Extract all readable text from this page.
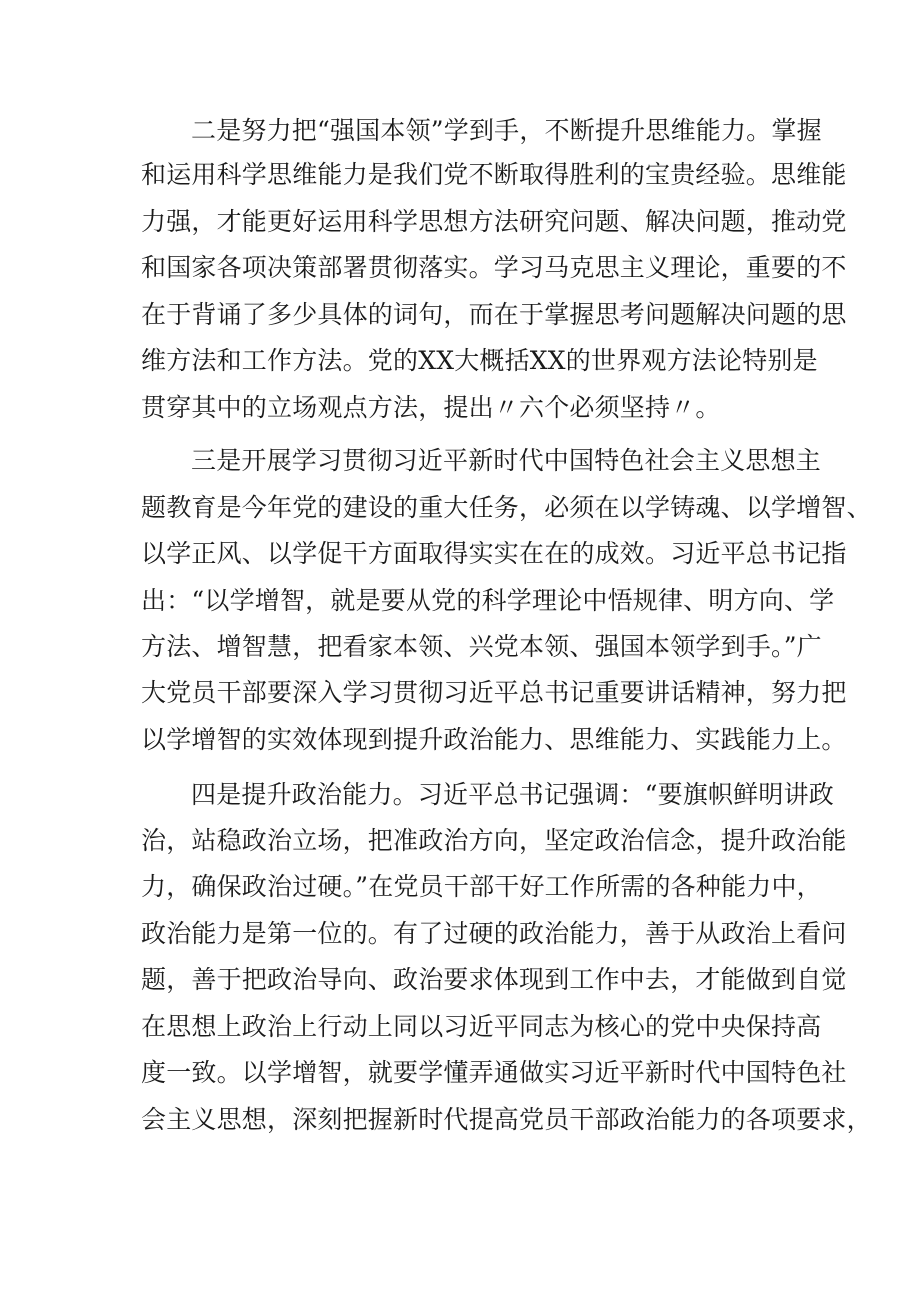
二是努力把“强国本领”学到手，不断提升思维能力。掌握
和运用科学思维能力是我们党不断取得胜利的宝贵经验。思维能
力强，才能更好运用科学思想方法研究问题、解决问题，推动党
和国家各项决策部署贯彻落实。学习马克思主义理论，重要的不
在于背诵了多少具体的词句，而在于掌握思考问题解决问题的思
维方法和工作方法。党的XX大概括XX的世界观方法论特别是
贯穿其中的立场观点方法，提出〃六个必须坚持〃。
三是开展学习贯彻习近平新时代中国特色社会主义思想主
题教育是今年党的建设的重大任务，必须在以学铸魂、以学增智、
以学正风、以学促干方面取得实实在在的成效。习近平总书记指
出：“以学增智，就是要从党的科学理论中悟规律、明方向、学
方法、增智慧，把看家本领、兴党本领、强国本领学到手。”广
大党员干部要深入学习贯彻习近平总书记重要讲话精神，努力把
以学增智的实效体现到提升政治能力、思维能力、实践能力上。
四是提升政治能力。习近平总书记强调：“要旗帜鲜明讲政
治，站稳政治立场，把准政治方向，坚定政治信念，提升政治能
力，确保政治过硬。”在党员干部干好工作所需的各种能力中，
政治能力是第一位的。有了过硬的政治能力，善于从政治上看问
题，善于把政治导向、政治要求体现到工作中去，才能做到自觉
在思想上政治上行动上同以习近平同志为核心的党中央保持高
度一致。以学增智，就要学懂弄通做实习近平新时代中国特色社
会主义思想，深刻把握新时代提高党员干部政治能力的各项要求，
